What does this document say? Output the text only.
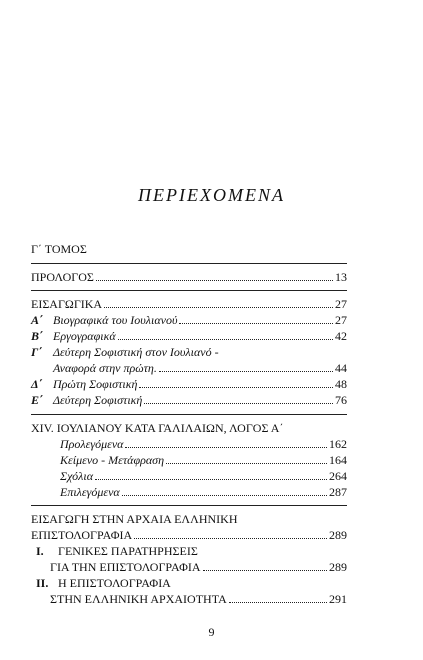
ΠΕΡΙΕΧΟΜΕΝΑ
Γ΄ ΤΟΜΟΣ
ΠΡΟΛΟΓΟΣ	13
ΕΙΣΑΓΩΓΙΚΑ	27
Α΄ Βιογραφικά του Ιουλιανού	27
Β΄ Εργογραφικά	42
Γ΄ Δεύτερη Σοφιστική στον Ιουλιανό -
Αναφορά στην πρώτη.	44
Δ΄ Πρώτη Σοφιστική	48
Ε΄ Δεύτερη Σοφιστική	76
XIV. ΙΟΥΛΙΑΝΟΥ ΚΑΤΑ ΓΑΛΙΛΑΙΩΝ, ΛΟΓΟΣ Α΄
Προλεγόμενα	162
Κείμενο - Μετάφραση	164
Σχόλια	264
Επιλεγόμενα	287
ΕΙΣΑΓΩΓΗ ΣΤΗΝ ΑΡΧΑΙΑ ΕΛΛΗΝΙΚΗ
ΕΠΙΣΤΟΛΟΓΡΑΦΙΑ	289
I.	ΓΕΝΙΚΕΣ ΠΑΡΑΤΗΡΗΣΕΙΣ
ΓΙΑ ΤΗΝ ΕΠΙΣΤΟΛΟΓΡΑΦΙΑ	289
II. Η ΕΠΙΣΤΟΛΟΓΡΑΦΙΑ
ΣΤΗΝ ΕΛΛΗΝΙΚΗ ΑΡΧΑΙΟΤΗΤΑ	291
9
